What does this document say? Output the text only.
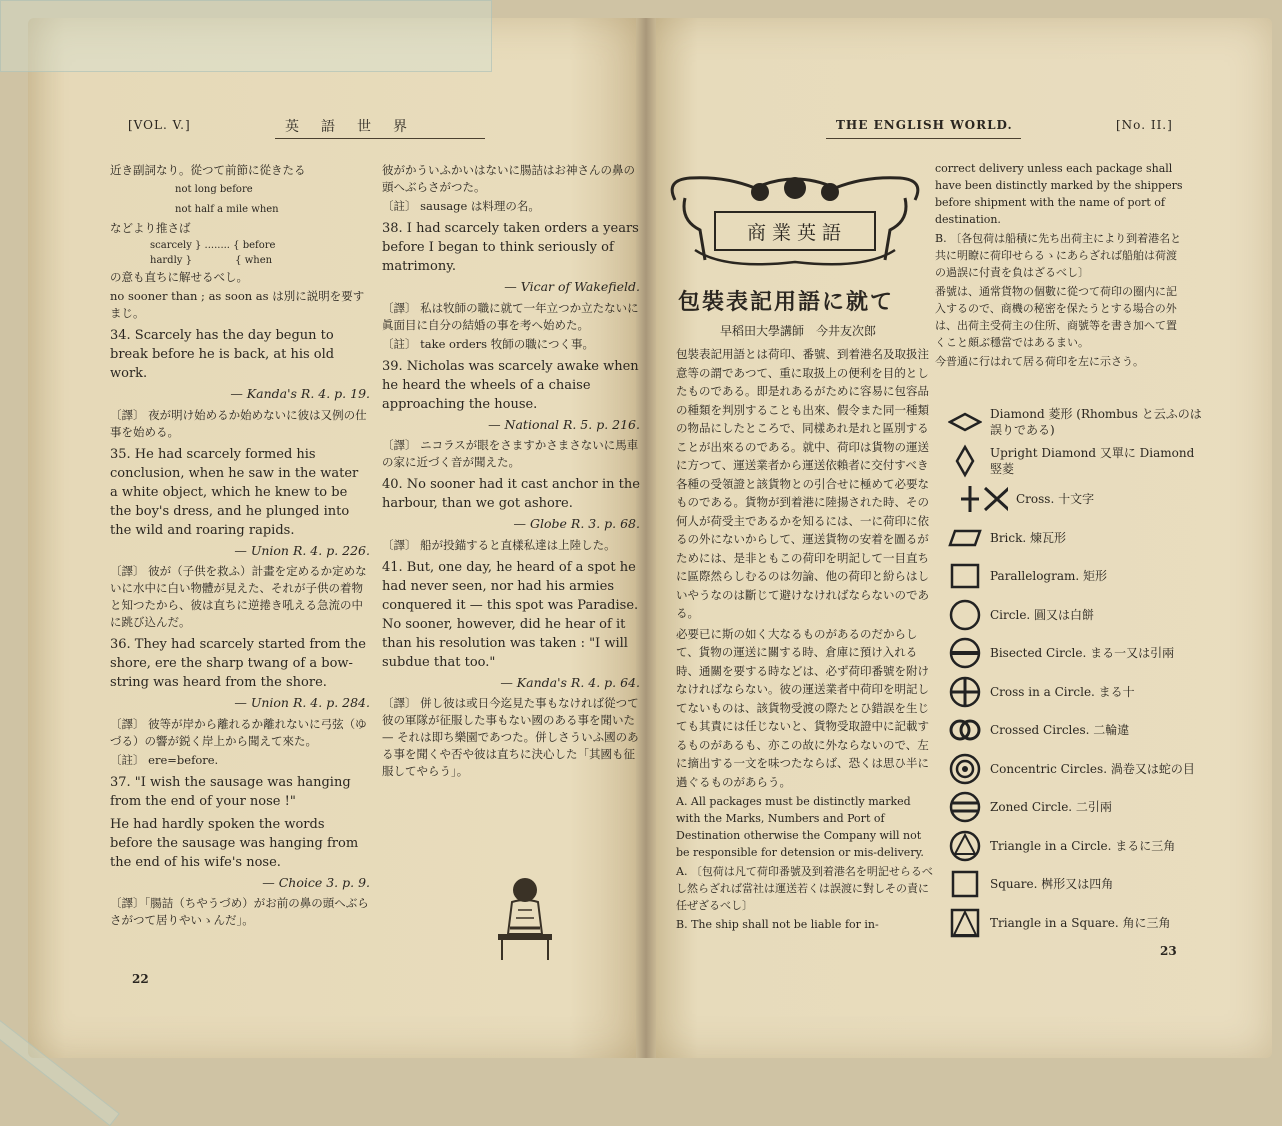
[VOL. V.]	英　語　世　界

近き副詞なり。從つて前節に從きたる

not long before

not half a mile when

などより推さば

scarcely } ........ { before

hardly }　　　　 { when

の意も直ちに解せるべし。

no sooner than ; as soon as は別に説明を要すまじ。

34. Scarcely has the day begun to break before he is back, at his old work.

— Kanda's R. 4. p. 19.

〔譯〕 夜が明け始めるか始めないに彼は又例の仕事を始める。

35. He had scarcely formed his conclusion, when he saw in the water a white object, which he knew to be the boy's dress, and he plunged into the wild and roaring rapids.

— Union R. 4. p. 226.

〔譯〕 彼が（子供を救ふ）計畫を定めるか定めないに水中に白い物體が見えた、それが子供の着物と知つたから、彼は直ちに逆捲き吼える急流の中に跳び込んだ。

36. They had scarcely started from the shore, ere the sharp twang of a bow-string was heard from the shore.

— Union R. 4. p. 284.

〔譯〕 彼等が岸から離れるか離れないに弓弦（ゆづる）の響が鋭く岸上から聞えて來た。

〔註〕 ere=before.

37. "I wish the sausage was hanging from the end of your nose !"

He had hardly spoken the words before the sausage was hanging from the end of his wife's nose.

— Choice 3. p. 9.

〔譯〕「腸詰（ちやうづめ）がお前の鼻の頭へぶらさがつて居りやいゝんだ」。

彼がかういふかいはないに腸詰はお神さんの鼻の頭へぶらさがつた。

〔註〕 sausage は料理の名。

38. I had scarcely taken orders a years before I began to think seriously of matrimony.

— Vicar of Wakefield.

〔譯〕 私は牧師の職に就て一年立つか立たないに眞面目に自分の結婚の事を考へ始めた。

〔註〕 take orders 牧師の職につく事。

39. Nicholas was scarcely awake when he heard the wheels of a chaise approaching the house.

— National R. 5. p. 216.

〔譯〕 ニコラスが眼をさますかさまさないに馬車の家に近づく音が聞えた。

40. No sooner had it cast anchor in the harbour, than we got ashore.

— Globe R. 3. p. 68.

〔譯〕 船が投錨すると直樣私達は上陸した。

41. But, one day, he heard of a spot he had never seen, nor had his armies conquered it — this spot was Paradise. No sooner, however, did he hear of it than his resolution was taken : "I will subdue that too."

— Kanda's R. 4. p. 64.

〔譯〕 併し彼は或日今迄見た事もなければ從つて彼の軍隊が征服した事もない國のある事を聞いた — それは即ち樂園であつた。併しさういふ國のある事を聞くや否や彼は直ちに決心した「其國も征服してやらう」。

22
THE ENGLISH WORLD.	[No. II.]
商業英語
包裝表記用語に就て
早稻田大學講師　今井友次郎

包裝表記用語とは荷印、番號、到着港名及取扱注意等の謂であつて、重に取扱上の便利を目的としたものである。即是れあるがために容易に包容品の種類を判別することも出來、假令また同一種類の物品にしたところで、同樣あれ是れと區別することが出來るのである。就中、荷印は貨物の運送に方つて、運送業者から運送依賴者に交付すべき各種の受領證と該貨物との引合せに極めて必要なものである。貨物が到着港に陸揚された時、その何人が荷受主であるかを知るには、一に荷印に依るの外にないからして、運送貨物の安着を圖るがためには、是非ともこの荷印を明記して一目直ちに區際然らしむるのは勿論、他の荷印と紛らはしいやうなのは斷じて避けなければならないのである。

必要已に斯の如く大なるものがあるのだからして、貨物の運送に關する時、倉庫に預け入れる時、通關を要する時などは、必ず荷印番號を附けなければならない。彼の運送業者中荷印を明記してないものは、該貨物受渡の際たとひ錯誤を生じても其責には任じないと、貨物受取證中に記載するものがあるも、亦この故に外ならないので、左に摘出する一文を味つたならば、恐くは思ひ半に過ぐるものがあらう。

A. All packages must be distinctly marked with the Marks, Numbers and Port of Destination otherwise the Company will not be responsible for detension or mis-delivery.

A. 〔包荷は凡て荷印番號及到着港名を明記せらるべし然らざれば當社は運送若くは誤渡に對しその責に任ぜざるべし〕

B. The ship shall not be liable for in-

correct delivery unless each package shall have been distinctly marked by the shippers before shipment with the name of port of destination.

B. 〔各包荷は船積に先ち出荷主により到着港名と共に明瞭に荷印せらるゝにあらざれば船舶は荷渡の過誤に付責を負はざるべし〕

番號は、通常貨物の個數に從つて荷印の圈内に記入するので、商機の秘密を保たうとする場合の外は、出荷主受荷主の住所、商號等を書き加へて置くこと頗ぶ穩當ではあるまい。

今普通に行はれて居る荷印を左に示さう。

Diamond 菱形 (Rhombus と云ふのは誤りである)
Upright Diamond 又單に Diamond 竪菱
Cross. 十文字
Brick. 煉瓦形
Parallelogram. 矩形
Circle. 圓又は白餅
Bisected Circle. まる一又は引兩
Cross in a Circle. まる十
Crossed Circles. 二輪違
Concentric Circles. 渦卷又は蛇の目
Zoned Circle. 二引兩
Triangle in a Circle. まるに三角
Square. 桝形又は四角
Triangle in a Square. 角に三角
23
